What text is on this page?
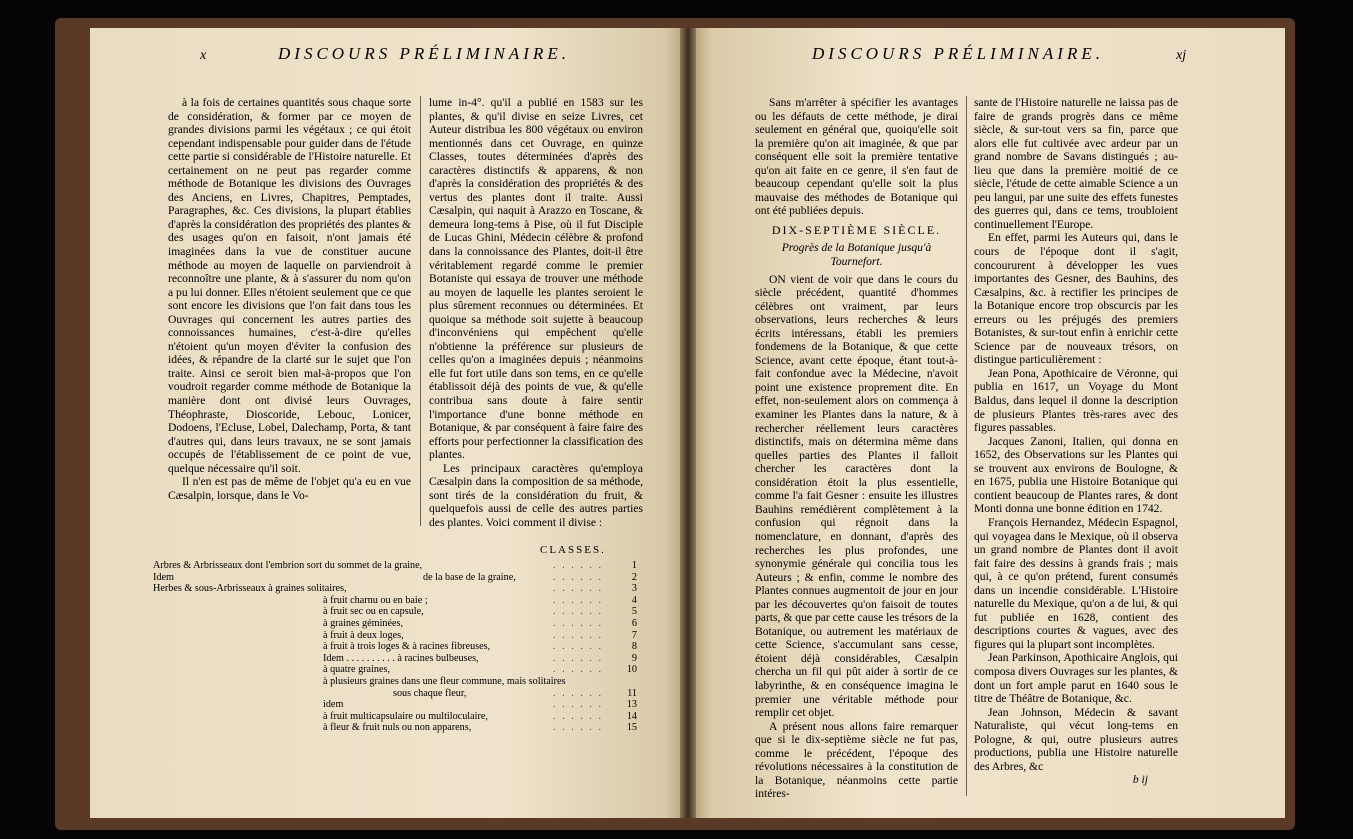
x	DISCOURS PRÉLIMINAIRE.

à la fois de certaines quantités sous chaque sorte de considération, & former par ce moyen de grandes divisions parmi les végétaux ; ce qui étoit cependant indispensable pour guider dans de l'étude cette partie si considérable de l'Histoire naturelle. Et certainement on ne peut pas regarder comme méthode de Botanique les divisions des Ouvrages des Anciens, en Livres, Chapitres, Pemptades, Paragraphes, &c. Ces divisions, la plupart établies d'après la considération des propriétés des plantes & des usages qu'on en faisoit, n'ont jamais été imaginées dans la vue de constituer aucune méthode au moyen de laquelle on parviendroit à reconnoître une plante, & à s'assurer du nom qu'on a pu lui donner. Elles n'étoient seulement que ce que sont encore les divisions que l'on fait dans tous les Ouvrages qui concernent les autres parties des connoissances humaines, c'est-à-dire qu'elles n'étoient qu'un moyen d'éviter la confusion des idées, & répandre de la clarté sur le sujet que l'on traite. Ainsi ce seroit bien mal-à-propos que l'on voudroit regarder comme méthode de Botanique la manière dont ont divisé leurs Ouvrages, Théophraste, Dioscoride, Lebouc, Lonicer, Dodoens, l'Ecluse, Lobel, Dalechamp, Porta, & tant d'autres qui, dans leurs travaux, ne se sont jamais occupés de l'établissement de ce point de vue, quelque nécessaire qu'il soit.

Il n'en est pas de même de l'objet qu'a eu en vue Cæsalpin, lorsque, dans le Vo-

lume in-4°. qu'il a publié en 1583 sur les plantes, & qu'il divise en seize Livres, cet Auteur distribua les 800 végétaux ou environ mentionnés dans cet Ouvrage, en quinze Classes, toutes déterminées d'après des caractères distinctifs & apparens, & non d'après la considération des propriétés & des vertus des plantes dont il traite. Aussi Cæsalpin, qui naquit à Arazzo en Toscane, & demeura long-tems à Pise, où il fut Disciple de Lucas Ghini, Médecin célèbre & profond dans la connoissance des Plantes, doit-il être véritablement regardé comme le premier Botaniste qui essaya de trouver une méthode au moyen de laquelle les plantes seroient le plus sûrement reconnues ou déterminées. Et quoique sa méthode soit sujette à beaucoup d'inconvéniens qui empêchent qu'elle n'obtienne la préférence sur plusieurs de celles qu'on a imaginées depuis ; néanmoins elle fut fort utile dans son tems, en ce qu'elle établissoit déjà des points de vue, & qu'elle contribua sans doute à faire sentir l'importance d'une bonne méthode en Botanique, & par conséquent à faire faire des efforts pour perfectionner la classification des plantes.

Les principaux caractères qu'employa Cæsalpin dans la composition de sa méthode, sont tirés de la considération du fruit, & quelquefois aussi de celle des autres parties des plantes. Voici comment il divise :

CLASSES.
Arbres & Arbrisseaux dont l'embrion sort du sommet de la graine,	. . . . . .	1
Idem	de la base de la graine,	. . . . . .	2
Herbes & sous-Arbrisseaux à graines solitaires,	. . . . . .	3
à fruit charnu ou en baie ;	. . . . . .	4
à fruit sec ou en capsule,	. . . . . .	5
à graines géminées,	. . . . . .	6
à fruit à deux loges,	. . . . . .	7
à fruit à trois loges & à racines fibreuses,	. . . . . .	8
Idem . . . . . . . . . . à racines bulbeuses,	. . . . . .	9
à quatre graines,	. . . . . . 10
à plusieurs graines dans une fleur commune, mais solitaires
sous chaque fleur,	. . . . . . 11
idem	. . . . . . 13
à fruit multicapsulaire ou multiloculaire,	. . . . . . 14
à fleur & fruit nuls ou non apparens,	. . . . . . 15
DISCOURS PRÉLIMINAIRE.	xj

Sans m'arrêter à spécifier les avantages ou les défauts de cette méthode, je dirai seulement en général que, quoiqu'elle soit la première qu'on ait imaginée, & que par conséquent elle soit la première tentative qu'on ait faite en ce genre, il s'en faut de beaucoup cependant qu'elle soit la plus mauvaise des méthodes de Botanique qui ont été publiées depuis.

DIX-SEPTIÈME SIÈCLE.
Progrès de la Botanique jusqu'à Tournefort.

ON vient de voir que dans le cours du siècle précédent, quantité d'hommes célèbres ont vraiment, par leurs observations, leurs recherches & leurs écrits intéressans, établi les premiers fondemens de la Botanique, & que cette Science, avant cette époque, étant tout-à-fait confondue avec la Médecine, n'avoit point une existence proprement dite. En effet, non-seulement alors on commença à examiner les Plantes dans la nature, & à rechercher réellement leurs caractères distinctifs, mais on détermina même dans quelles parties des Plantes il falloit chercher les caractères dont la considération étoit la plus essentielle, comme l'a fait Gesner : ensuite les illustres Bauhins remédièrent complètement à la confusion qui régnoit dans la nomenclature, en donnant, d'après des recherches les plus profondes, une synonymie générale qui concilia tous les Auteurs ; & enfin, comme le nombre des Plantes connues augmentoit de jour en jour par les découvertes qu'on faisoit de toutes parts, & que par cette cause les trésors de la Botanique, ou autrement les matériaux de cette Science, s'accumulant sans cesse, étoient déjà considérables, Cæsalpin chercha un fil qui pût aider à sortir de ce labyrinthe, & en conséquence imagina le premier une véritable méthode pour remplir cet objet.

A présent nous allons faire remarquer que si le dix-septième siècle ne fut pas, comme le précédent, l'époque des révolutions nécessaires à la constitution de la Botanique, néanmoins cette partie intéres-

sante de l'Histoire naturelle ne laissa pas de faire de grands progrès dans ce même siècle, & sur-tout vers sa fin, parce que alors elle fut cultivée avec ardeur par un grand nombre de Savans distingués ; au-lieu que dans la première moitié de ce siècle, l'étude de cette aimable Science a un peu langui, par une suite des effets funestes des guerres qui, dans ce tems, troubloient continuellement l'Europe.

En effet, parmi les Auteurs qui, dans le cours de l'époque dont il s'agit, concoururent à développer les vues importantes des Gesner, des Bauhins, des Cæsalpins, &c. à rectifier les principes de la Botanique encore trop obscurcis par les erreurs ou les préjugés des premiers Botanistes, & sur-tout enfin à enrichir cette Science par de nouveaux trésors, on distingue particulièrement :

Jean Pona, Apothicaire de Véronne, qui publia en 1617, un Voyage du Mont Baldus, dans lequel il donne la description de plusieurs Plantes très-rares avec des figures passables.

Jacques Zanoni, Italien, qui donna en 1652, des Observations sur les Plantes qui se trouvent aux environs de Boulogne, & en 1675, publia une Histoire Botanique qui contient beaucoup de Plantes rares, & dont Monti donna une bonne édition en 1742.

François Hernandez, Médecin Espagnol, qui voyagea dans le Mexique, où il observa un grand nombre de Plantes dont il avoit fait faire des dessins à grands frais ; mais qui, à ce qu'on prétend, furent consumés dans un incendie considérable. L'Histoire naturelle du Mexique, qu'on a de lui, & qui fut publiée en 1628, contient des descriptions courtes & vagues, avec des figures qui la plupart sont incomplètes.

Jean Parkinson, Apothicaire Anglois, qui composa divers Ouvrages sur les plantes, & dont un fort ample parut en 1640 sous le titre de Théâtre de Botanique, &c.

Jean Johnson, Médecin & savant Naturaliste, qui vécut long-tems en Pologne, & qui, outre plusieurs autres productions, publia une Histoire naturelle des Arbres, &c

b ij
